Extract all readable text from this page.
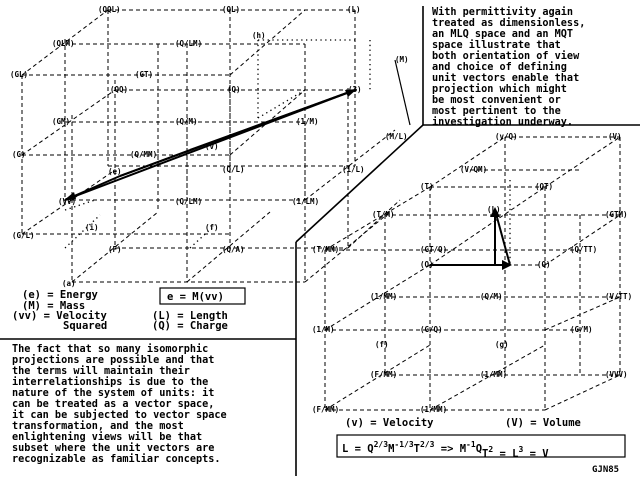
(QQL)	(QL)	(L)
(QLM)	(Q/LM)
(h)
(GL)	(GT)
(M)
(QQ)	(Q)	(3)
(GM)	(Q/M)	(1/M)
(M/L)
(G)	(Q/MM)
(v)
(e)	(Q/L)	(1/L)
(VV)	(Q/LM)	(1/LM)
(G/L)
(i)	(f)
(F)	(Q/A)
(a)
(v/Q)	(V)
(V/QM)
(T)	(QT)
(T/M)
(L)
(GTM)
(T/MM)	(GT/Q)	(Q/TT)
(O)	(Q)
(1/MM)	(Q/M)	(V/TT)
(1/M)	(G/Q)	(G/M)
(f)	(g)
(F/MM)	(1/MM)	(VVV)
(F/MM)	(1/MM)
With permittivity again
treated as dimensionless,
an MLQ space and an MQT
space illustrate that
both orientation of view
and choice of defining
unit vectors enable that
projection which might
be most convenient or
most pertinent to the
investigation underway.
(e) = Energy
(M) = Mass
(vv) = Velocity
Squared
(L) = Length
(Q) = Charge
e = M(vv)
The fact that so many isomorphic
projections are possible and that
the terms will maintain their
interrelationships is due to the
nature of the system of units: it
can be treated as a vector space,
it can be subjected to vector space
transformation, and the most
enlightening views will be that
subset where the unit vectors are
recognizable as familiar concepts.
(v) = Velocity	(V) = Volume
$L = Q^{2/3}M^{-1/3}T^{2/3} => M^{-1}QT^2 = L^3 = V$
GJN85
